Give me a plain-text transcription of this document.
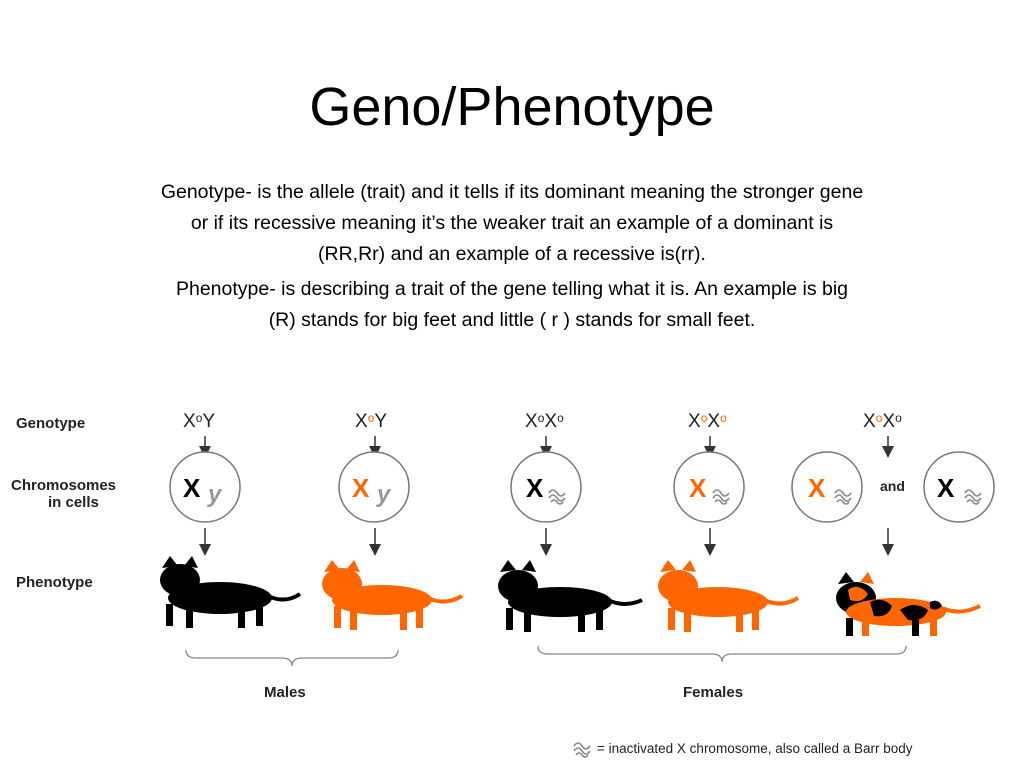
Geno/Phenotype

Genotype- is the allele (trait) and it tells if its dominant meaning the stronger gene or if its recessive meaning it’s the weaker trait an example of a dominant is (RR,Rr) and an example of a recessive is(rr).

Phenotype- is describing a trait of the gene telling what it is. An example is big (R) stands for big feet and little ( r ) stands for small feet.

Genotype
Chromosomes
in cells
Phenotype
$X^oY$
X y
$X^oY$
X y
$X^oX^o$
X
$X^oX^o$
X
$X^oX^o$
X	and X
Males	Females
= inactivated X chromosome, also called a Barr body
